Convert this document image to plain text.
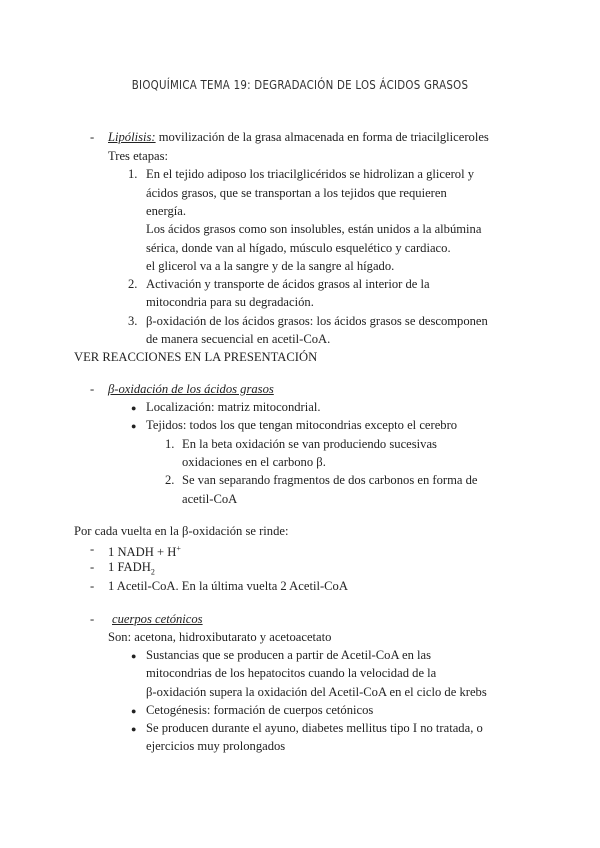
BIOQUÍMICA TEMA 19: DEGRADACIÓN DE LOS ÁCIDOS GRASOS
- Lipólisis: movilización de la grasa almacenada en forma de triacilgliceroles
Tres etapas:
1. En el tejido adiposo los triacilglicéridos se hidrolizan a glicerol y
ácidos grasos, que se transportan a los tejidos que requieren
energía.
Los ácidos grasos como son insolubles, están unidos a la albúmina
sérica, donde van al hígado, músculo esquelético y cardiaco.
el glicerol va a la sangre y de la sangre al hígado.
2. Activación y transporte de ácidos grasos al interior de la
mitocondria para su degradación.
3. β-oxidación de los ácidos grasos: los ácidos grasos se descomponen
de manera secuencial en acetil-CoA.
VER REACCIONES EN LA PRESENTACIÓN
- β-oxidación de los ácidos grasos
● Localización: matriz mitocondrial.
● Tejidos: todos los que tengan mitocondrias excepto el cerebro
1. En la beta oxidación se van produciendo sucesivas
oxidaciones en el carbono β.
2. Se van separando fragmentos de dos carbonos en forma de
acetil-CoA
Por cada vuelta en la β-oxidación se rinde:
- 1 NADH + H+
- 1 $FADH_2$
- 1 Acetil-CoA. En la última vuelta 2 Acetil-CoA
- cuerpos cetónicos
Son: acetona, hidroxibutarato y acetoacetato
● Sustancias que se producen a partir de Acetil-CoA en las
mitocondrias de los hepatocitos cuando la velocidad de la
β-oxidación supera la oxidación del Acetil-CoA en el ciclo de krebs
● Cetogénesis: formación de cuerpos cetónicos
● Se producen durante el ayuno, diabetes mellitus tipo I no tratada, o
ejercicios muy prolongados
